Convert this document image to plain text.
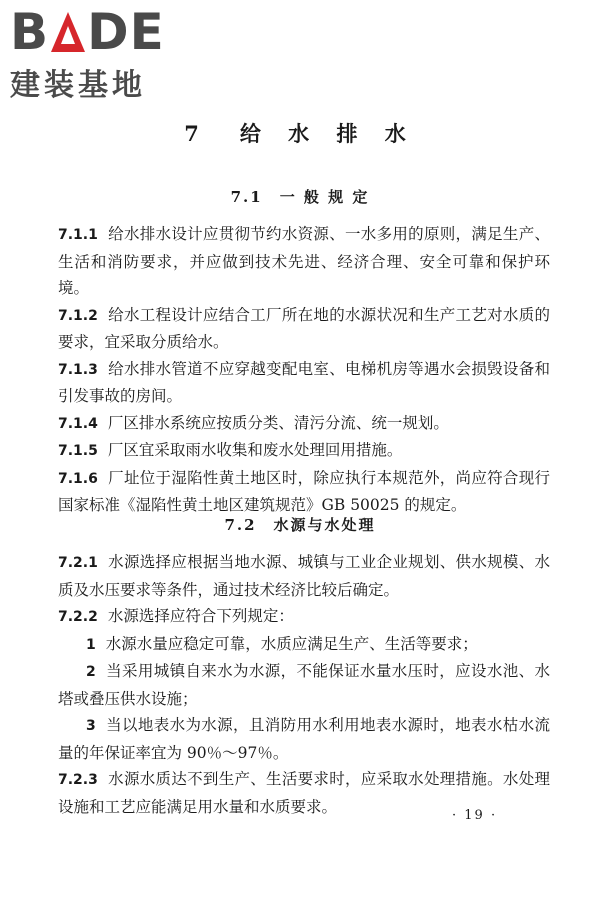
B DE
建装基地
7　给 水 排 水
7.1　一 般 规 定

7.1.1 给水排水设计应贯彻节约水资源、一水多用的原则，满足生产、生活和消防要求，并应做到技术先进、经济合理、安全可靠和保护环境。

7.1.2 给水工程设计应结合工厂所在地的水源状况和生产工艺对水质的要求，宜采取分质给水。

7.1.3 给水排水管道不应穿越变配电室、电梯机房等遇水会损毁设备和引发事故的房间。

7.1.4 厂区排水系统应按质分类、清污分流、统一规划。

7.1.5 厂区宜采取雨水收集和废水处理回用措施。

7.1.6 厂址位于湿陷性黄土地区时，除应执行本规范外，尚应符合现行国家标准《湿陷性黄土地区建筑规范》GB 50025 的规定。

7.2　水源与水处理

7.2.1 水源选择应根据当地水源、城镇与工业企业规划、供水规模、水质及水压要求等条件，通过技术经济比较后确定。

7.2.2 水源选择应符合下列规定：

1 水源水量应稳定可靠，水质应满足生产、生活等要求；

2 当采用城镇自来水为水源，不能保证水量水压时，应设水池、水塔或叠压供水设施；

3 当以地表水为水源，且消防用水利用地表水源时，地表水枯水流量的年保证率宜为 90％～97％。

7.2.3 水源水质达不到生产、生活要求时，应采取水处理措施。水处理设施和工艺应能满足用水量和水质要求。	· 19 ·
